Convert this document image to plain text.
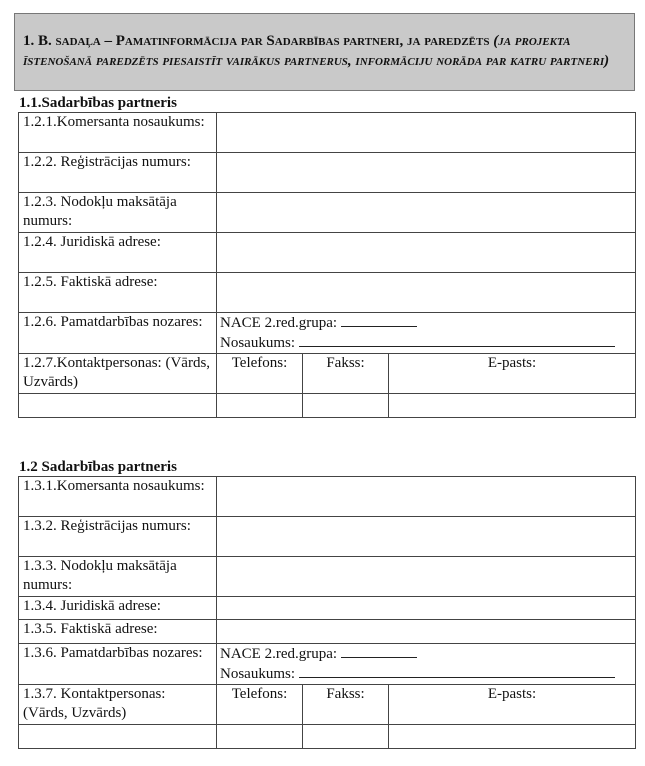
1. B. sadaļa – Pamatinformācija par Sadarbības partneri, ja paredzēts (ja projekta īstenošanā paredzēts piesaistīt vairākus partnerus, informāciju norāda par katru partneri)
1.1.Sadarbības partneris
1.2.1.Komersanta nosaukums:			
1.2.2. Reģistrācijas numurs:			
1.2.3. Nodokļu maksātāja numurs:			
1.2.4. Juridiskā adrese:			
1.2.5. Faktiskā adrese:			
1.2.6. Pamatdarbības nozares:	NACE 2.red.grupa:
Nosaukums:		
1.2.7.Kontaktpersonas: (Vārds, Uzvārds)	Telefons:	Fakss:	E-pasts:

1.2 Sadarbības partneris
1.3.1.Komersanta nosaukums:			
1.3.2. Reģistrācijas numurs:			
1.3.3. Nodokļu maksātāja numurs:			
1.3.4. Juridiskā adrese:			
1.3.5. Faktiskā adrese:			
1.3.6. Pamatdarbības nozares:	NACE 2.red.grupa:
Nosaukums:		
1.3.7. Kontaktpersonas: (Vārds, Uzvārds)	Telefons:	Fakss:	E-pasts:
